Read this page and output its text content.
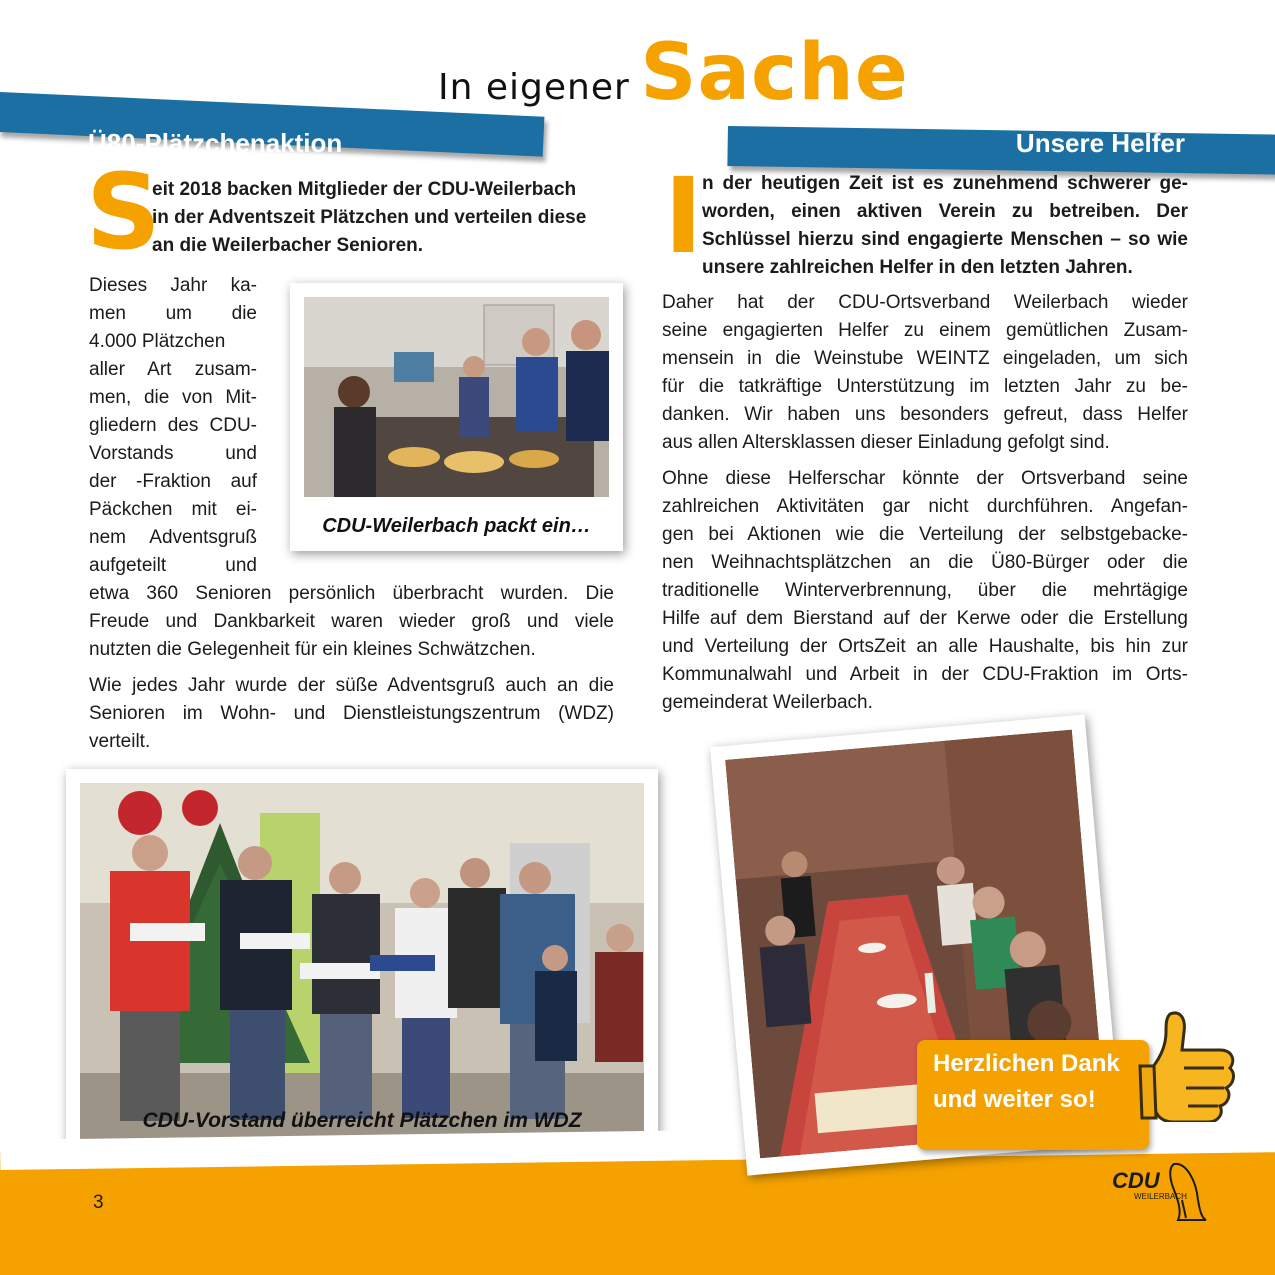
In eigener Sache
Ü80-Plätzchenaktion	Unsere Helfer
S
eit 2018 backen Mitglieder der CDU-Weilerbach
in der Adventszeit Plätzchen und verteilen diese
an die Weilerbacher Senioren.
Dieses Jahr ka-
men um die
4.000 Plätzchen
aller Art zusam-
men, die von Mit-
gliedern des CDU-
Vorstands und
der -Fraktion auf
Päckchen mit ei-
nem Adventsgruß
aufgeteilt und
etwa 360 Senioren persönlich überbracht wurden. Die
Freude und Dankbarkeit waren wieder groß und viele
nutzten die Gelegenheit für ein kleines Schwätzchen.
Wie jedes Jahr wurde der süße Adventsgruß auch an die
Senioren im Wohn- und Dienstleistungszentrum (WDZ)
verteilt.
CDU-Weilerbach packt ein…
CDU-Vorstand überreicht Plätzchen im WDZ
I n der heutigen Zeit ist es zunehmend schwerer ge-
worden, einen aktiven Verein zu betreiben. Der
Schlüssel hierzu sind engagierte Menschen – so wie
unsere zahlreichen Helfer in den letzten Jahren.
Daher hat der CDU-Ortsverband Weilerbach wieder
seine engagierten Helfer zu einem gemütlichen Zusam-
mensein in die Weinstube WEINTZ eingeladen, um sich
für die tatkräftige Unterstützung im letzten Jahr zu be-
danken. Wir haben uns besonders gefreut, dass Helfer
aus allen Altersklassen dieser Einladung gefolgt sind.
Ohne diese Helferschar könnte der Ortsverband seine
zahlreichen Aktivitäten gar nicht durchführen. Angefan-
gen bei Aktionen wie die Verteilung der selbstgebacke-
nen Weihnachtsplätzchen an die Ü80-Bürger oder die
traditionelle Winterverbrennung, über die mehrtägige
Hilfe auf dem Bierstand auf der Kerwe oder die Erstellung
und Verteilung der OrtsZeit an alle Haushalte, bis hin zur
Kommunalwahl und Arbeit in der CDU-Fraktion im Orts-
gemeinderat Weilerbach.
Herzlichen Dank
und weiter so!
3
CDU
WEILERBACH
